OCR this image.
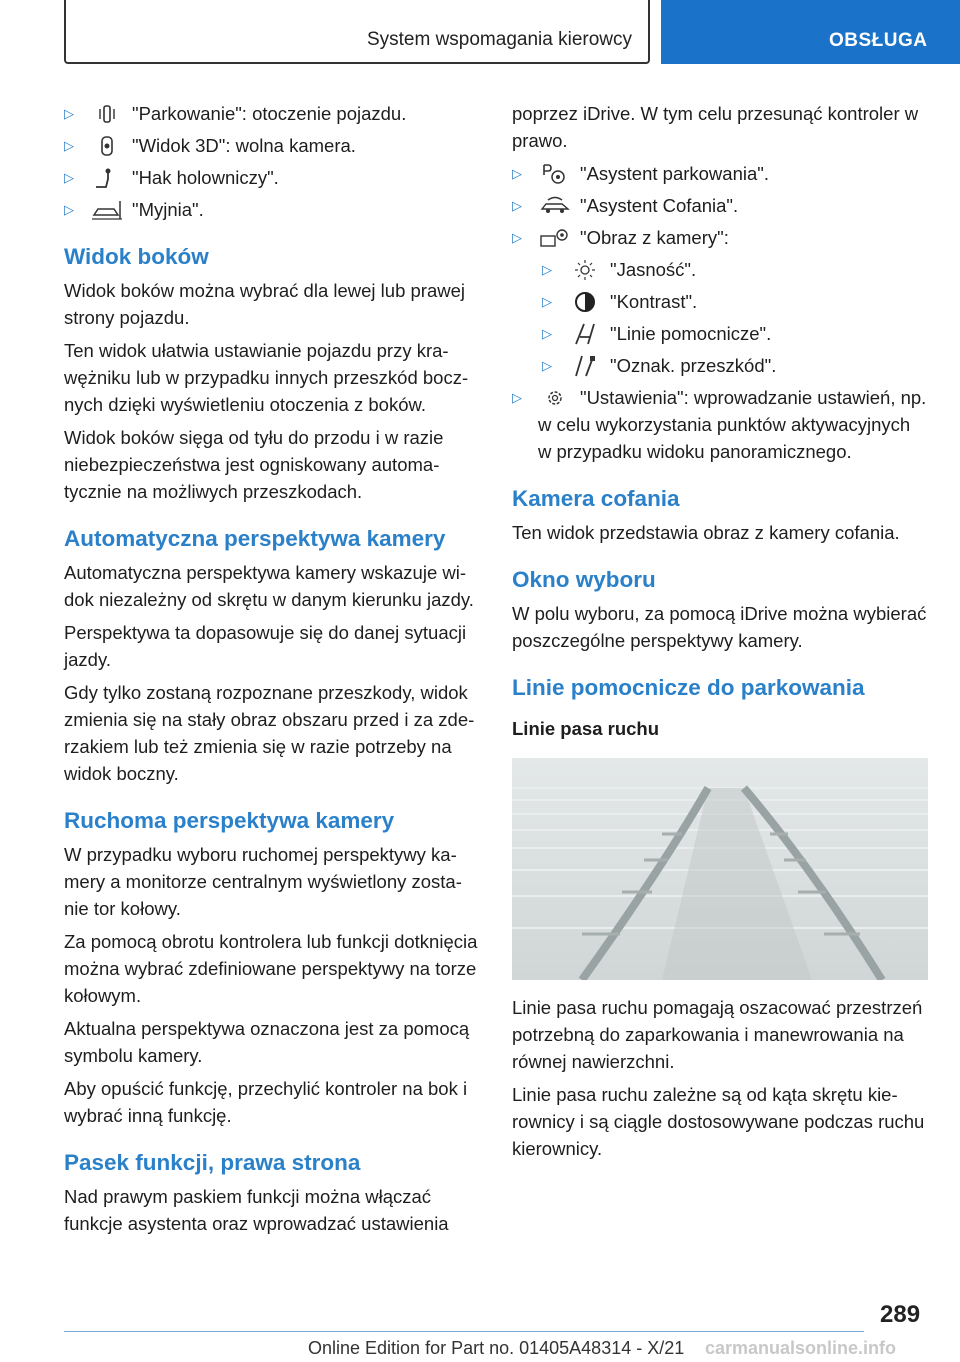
System wspomagania kierowcy	OBSŁUGA
▷	"Parkowanie": otoczenie pojazdu.
▷	"Widok 3D": wolna kamera.
▷	"Hak holowniczy".
▷	"Myjnia".
Widok boków

Widok boków można wybrać dla lewej lub prawej strony pojazdu.

Ten widok ułatwia ustawianie pojazdu przy krawężniku lub w przypadku innych przeszkód bocznych dzięki wyświetleniu otoczenia z boków.

Widok boków sięga od tyłu do przodu i w razie niebezpieczeństwa jest ogniskowany automatycznie na możliwych przeszkodach.

Automatyczna perspektywa kamery

Automatyczna perspektywa kamery wskazuje widok niezależny od skrętu w danym kierunku jazdy.

Perspektywa ta dopasowuje się do danej sytuacji jazdy.

Gdy tylko zostaną rozpoznane przeszkody, widok zmienia się na stały obraz obszaru przed i za zderzakiem lub też zmienia się w razie potrzeby na widok boczny.

Ruchoma perspektywa kamery

W przypadku wyboru ruchomej perspektywy kamery a monitorze centralnym wyświetlony zostanie tor kołowy.

Za pomocą obrotu kontrolera lub funkcji dotknięcia można wybrać zdefiniowane perspektywy na torze kołowym.

Aktualna perspektywa oznaczona jest za pomocą symbolu kamery.

Aby opuścić funkcję, przechylić kontroler na bok i wybrać inną funkcję.

Pasek funkcji, prawa strona

Nad prawym paskiem funkcji można włączać funkcje asystenta oraz wprowadzać ustawienia

poprzez iDrive. W tym celu przesunąć kontroler w prawo.

▷	"Asystent parkowania".
▷	"Asystent Cofania".
▷	"Obraz z kamery":
▷	"Jasność".
▷	"Kontrast".
▷	"Linie pomocnicze".
▷	"Oznak. przeszkód".
▷	"Ustawienia": wprowadzanie ustawień, np. w celu wykorzystania punktów aktywacyjnych w przypadku widoku panoramicznego.
Kamera cofania

Ten widok przedstawia obraz z kamery cofania.

Okno wyboru

W polu wyboru, za pomocą iDrive można wybierać poszczególne perspektywy kamery.

Linie pomocnicze do parkowania
Linie pasa ruchu

Linie pasa ruchu pomagają oszacować przestrzeń potrzebną do zaparkowania i manewrowania na równej nawierzchni.

Linie pasa ruchu zależne są od kąta skrętu kierownicy i są ciągle dostosowywane podczas ruchu kierownicy.

289
Online Edition for Part no. 01405A48314 - X/21 carmanualsonline.info
